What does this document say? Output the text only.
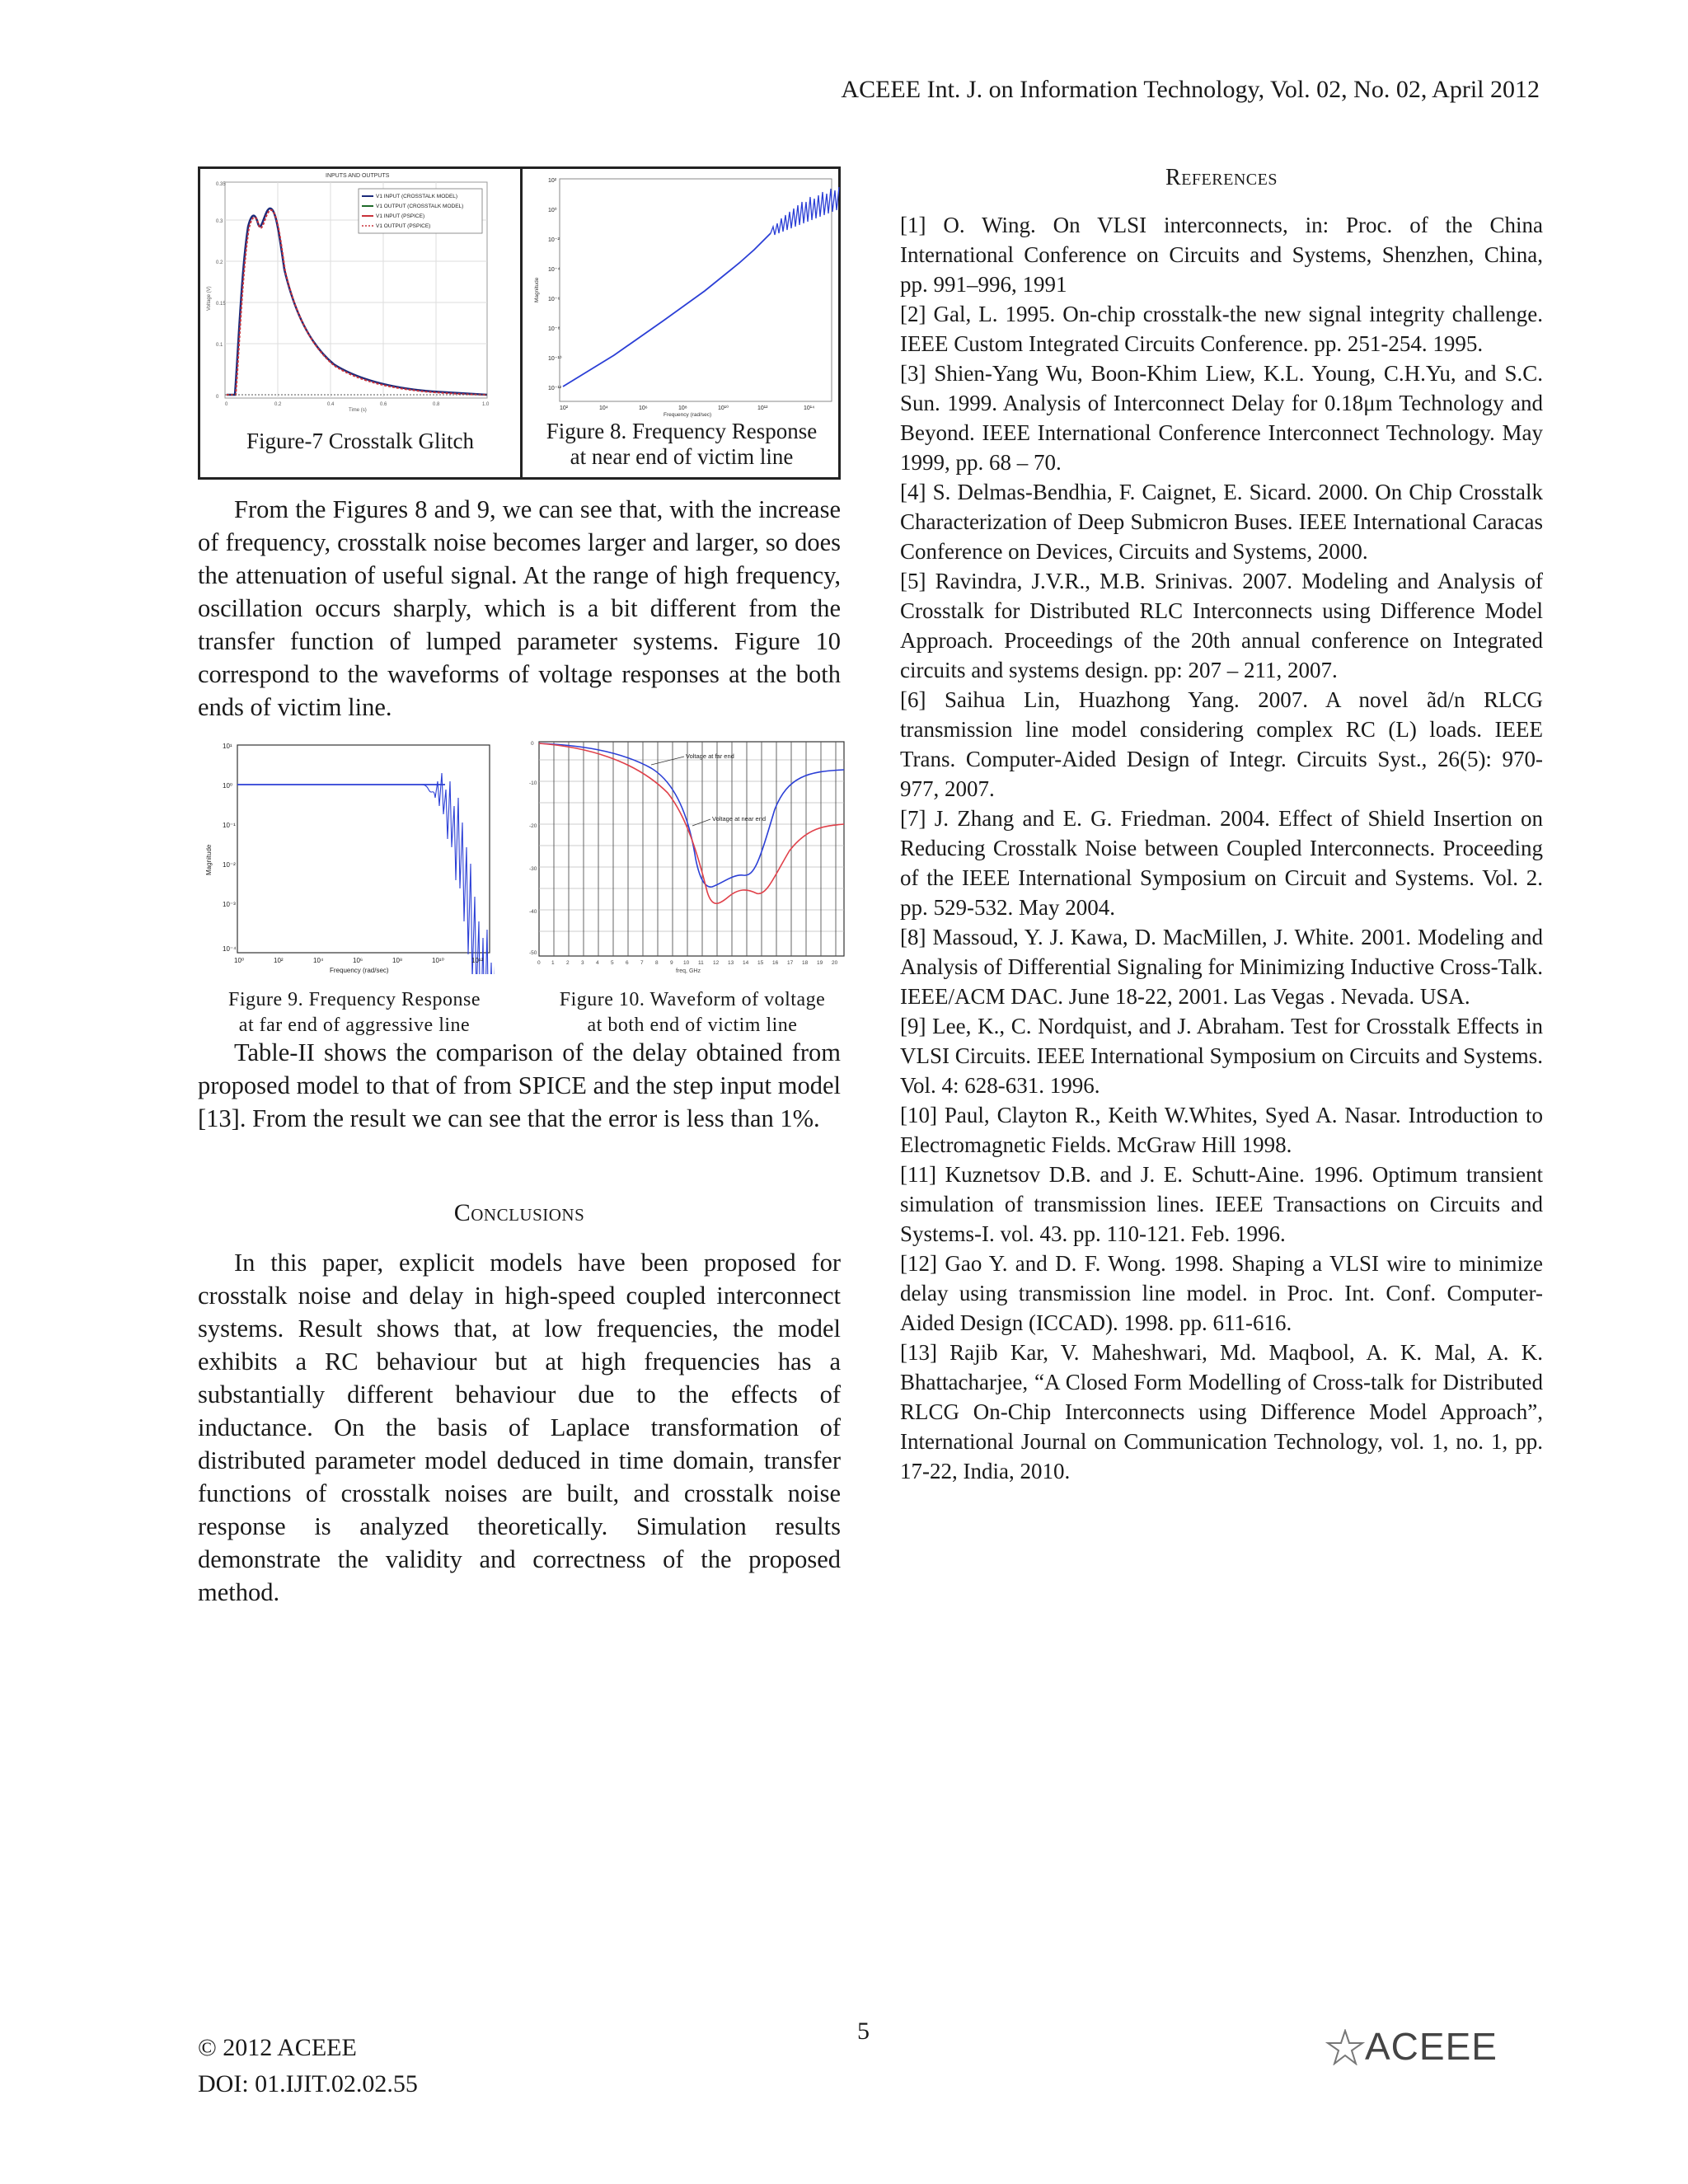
ACEEE Int. J. on Information Technology, Vol. 02, No. 02, April 2012
0.35
0.3
0.2
0.15
0.1
0
0	0.2	0.4	0.6	0.8	1.0
INPUTS AND OUTPUTS
Time (s)
Voltage (V)
V1 INPUT (CROSSTALK MODEL)
V1 OUTPUT (CROSSTALK MODEL)
V1 INPUT (PSPICE)
V1 OUTPUT (PSPICE)
Figure-7 Crosstalk Glitch
10²
10⁰
10⁻²
10⁻⁴
10⁻⁶
10⁻⁸
10⁻¹⁰
10⁻¹²
10²	10⁴	10⁶	10⁸	10¹⁰	10¹²	10¹⁴
Frequency (rad/sec)
Magnitude
Figure 8. Frequency Response
at near end of victim line

From the Figures 8 and 9, we can see that, with the increase of frequency, crosstalk noise becomes larger and larger, so does the attenuation of useful signal. At the range of high frequency, oscillation occurs sharply, which is a bit different from the transfer function of lumped parameter systems. Figure 10 correspond to the waveforms of voltage responses at the both ends of victim line.

10¹
10⁰
10⁻¹
10⁻²
10⁻³
10⁻⁴
10⁰	10²	10⁴	10⁶	10⁸	10¹⁰	10¹²
Frequency (rad/sec)
Magnitude
Figure 9. Frequency Response
at far end of aggressive line
Voltage at far end
Voltage at near end
0
-10
-20
-30
-40
-50
0 1 2 3 4 5 6 7 8 9 10 11 12 13 14 15 16 17 18 19 20
freq, GHz
Figure 10. Waveform of voltage
at both end of victim line

Table-II shows the comparison of the delay obtained from proposed model to that of from SPICE and the step input model [13]. From the result we can see that the error is less than 1%.

Conclusions

In this paper, explicit models have been proposed for crosstalk noise and delay in high-speed coupled interconnect systems. Result shows that, at low frequencies, the model exhibits a RC behaviour but at high frequencies has a substantially different behaviour due to the effects of inductance. On the basis of Laplace transformation of distributed parameter model deduced in time domain, transfer functions of crosstalk noises are built, and crosstalk noise response is analyzed theoretically. Simulation results demonstrate the validity and correctness of the proposed method.

References
[1] O. Wing. On VLSI interconnects, in: Proc. of the China International Conference on Circuits and Systems, Shenzhen, China, pp. 991–996, 1991
[2] Gal, L. 1995. On-chip crosstalk-the new signal integrity challenge. IEEE Custom Integrated Circuits Conference. pp. 251-254. 1995.
[3] Shien-Yang Wu, Boon-Khim Liew, K.L. Young, C.H.Yu, and S.C. Sun. 1999. Analysis of Interconnect Delay for 0.18μm Technology and Beyond. IEEE International Conference Interconnect Technology. May 1999, pp. 68 – 70.
[4] S. Delmas-Bendhia, F. Caignet, E. Sicard. 2000. On Chip Crosstalk Characterization of Deep Submicron Buses. IEEE International Caracas Conference on Devices, Circuits and Systems, 2000.
[5] Ravindra, J.V.R., M.B. Srinivas. 2007. Modeling and Analysis of Crosstalk for Distributed RLC Interconnects using Difference Model Approach. Proceedings of the 20th annual conference on Integrated circuits and systems design. pp: 207 – 211, 2007.
[6] Saihua Lin, Huazhong Yang. 2007. A novel ãd/n RLCG transmission line model considering complex RC (L) loads. IEEE Trans. Computer-Aided Design of Integr. Circuits Syst., 26(5): 970-977, 2007.
[7] J. Zhang and E. G. Friedman. 2004. Effect of Shield Insertion on Reducing Crosstalk Noise between Coupled Interconnects. Proceeding of the IEEE International Symposium on Circuit and Systems. Vol. 2. pp. 529-532. May 2004.
[8] Massoud, Y. J. Kawa, D. MacMillen, J. White. 2001. Modeling and Analysis of Differential Signaling for Minimizing Inductive Cross-Talk. IEEE/ACM DAC. June 18-22, 2001. Las Vegas . Nevada. USA.
[9] Lee, K., C. Nordquist, and J. Abraham. Test for Crosstalk Effects in VLSI Circuits. IEEE International Symposium on Circuits and Systems. Vol. 4: 628-631. 1996.
[10] Paul, Clayton R., Keith W.Whites, Syed A. Nasar. Introduction to Electromagnetic Fields. McGraw Hill 1998.
[11] Kuznetsov D.B. and J. E. Schutt-Aine. 1996. Optimum transient simulation of transmission lines. IEEE Transactions on Circuits and Systems-I. vol. 43. pp. 110-121. Feb. 1996.
[12] Gao Y. and D. F. Wong. 1998. Shaping a VLSI wire to minimize delay using transmission line model. in Proc. Int. Conf. Computer-Aided Design (ICCAD). 1998. pp. 611-616.
[13] Rajib Kar, V. Maheshwari, Md. Maqbool, A. K. Mal, A. K. Bhattacharjee, “A Closed Form Modelling of Cross-talk for Distributed RLCG On-Chip Interconnects using Difference Model Approach”, International Journal on Communication Technology, vol. 1, no. 1, pp. 17-22, India, 2010.
© 2012 ACEEE
DOI: 01.IJIT.02.02.55
5	ACEEE
